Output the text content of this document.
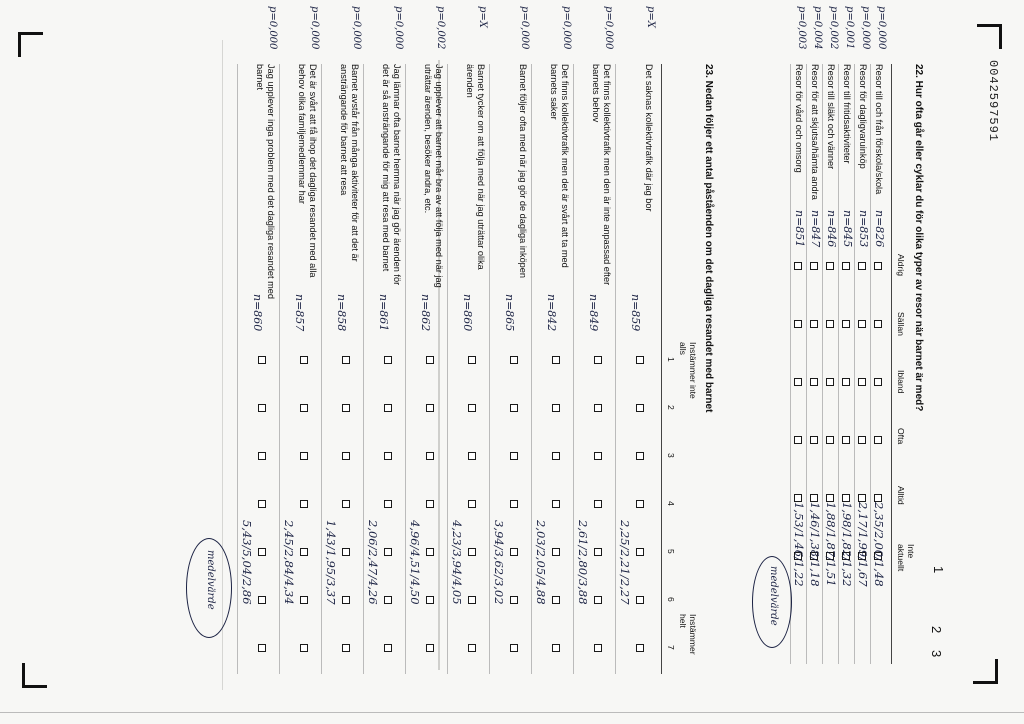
0042597591
1
2
3
22. Hur ofta går eller cyklar du för olika typer av resor när barnet är med?
Aldrig
Sällan
Ibland
Ofta
Alltid
Inte aktuellt
p=0,000
Resor till och från förskola/skola
n=826
2,35/2,00/1,48
p=0,000
Resor för dagligvaruinköp
n=853
2,17/1,99/1,67
p=0,001
Resor till fritidsaktiviteter
n=845
1,98/1,82/1,32
p=0,002
Resor till släkt och vänner
n=846
1,88/1,87/1,51
p=0,004
Resor för att skjutsa/hämta andra
n=847
1,46/1,38/1,18
p=0,003
Resor för vård och omsorg
n=851
1,53/1,46/1,22
23. Nedan följer ett antal påståenden om det dagliga resandet med barnet
Instämmer inte alls
Instämmer helt
1
2
3
4
5
6
7
p=X
Det saknas kollektivtrafik där jag bor
n=859
2,25/2,21/2,27
p=0,000
Det finns kollektivtrafik men den är inte anpassad efter barnets behov
n=849
2,61/2,80/3,88
p=0,000
Det finns kollektivtrafik men det är svårt att ta med barnets saker
n=842
2,03/2,05/4,88
p=0,000
Barnet följer ofta med när jag gör de dagliga inköpen
n=865
3,94/3,62/3,02
p=X
Barnet tycker om att följa med när jag uträttar olika ärenden
n=860
4,23/3,94/4,05
p=0,002
Jag upplever att barnet mår bra av att följa med när jag uträttar ärenden, besöker andra, etc.
n=862
4,96/4,51/4,50
p=0,000
Jag lämnar ofta barnet hemma när jag gör ärenden för det är så ansträngande för mig att resa med barnet
n=861
2,06/2,47/4,26
p=0,000
Barnet avstår från många aktiviteter för att det är ansträngande för barnet att resa
n=858
1,43/1,95/3,37
p=0,000
Det är svårt att få ihop det dagliga resandet med alla behov olika familjemedlemmar har
n=857
2,45/2,84/4,34
p=0,000
Jag upplever inga problem med det dagliga resandet med barnet
n=860
5,43/5,04/2,86	medelvärde
medelvärde
